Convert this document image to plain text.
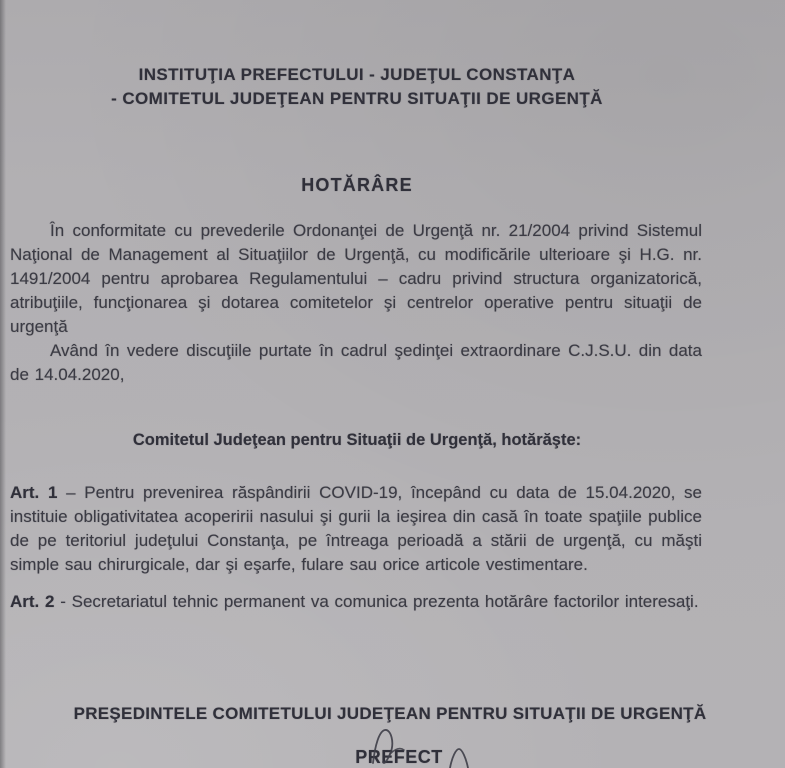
INSTITUŢIA PREFECTULUI - JUDEŢUL CONSTANŢA
- COMITETUL JUDEŢEAN PENTRU SITUAŢII DE URGENŢĂ
HOTĂRÂRE

În conformitate cu prevederile Ordonanţei de Urgenţă nr. 21/2004 privind Sistemul Naţional de Management al Situaţiilor de Urgenţă, cu modificările ulterioare şi H.G. nr. 1491/2004 pentru aprobarea Regulamentului – cadru privind structura organizatorică, atribuţiile, funcţionarea şi dotarea comitetelor şi centrelor operative pentru situaţii de urgenţă

Având în vedere discuţiile purtate în cadrul şedinţei extraordinare C.J.S.U. din data de 14.04.2020,

Comitetul Judeţean pentru Situaţii de Urgenţă, hotărăşte:

Art. 1 – Pentru prevenirea răspândirii COVID-19, începând cu data de 15.04.2020, se instituie obligativitatea acoperirii nasului şi gurii la ieşirea din casă în toate spaţiile publice de pe teritoriul judeţului Constanţa, pe întreaga perioadă a stării de urgenţă, cu măşti simple sau chirurgicale, dar şi eşarfe, fulare sau orice articole vestimentare.

Art. 2 - Secretariatul tehnic permanent va comunica prezenta hotărâre factorilor interesaţi.

PREŞEDINTELE COMITETULUI JUDEŢEAN PENTRU SITUAŢII DE URGENŢĂ
PREFECT
